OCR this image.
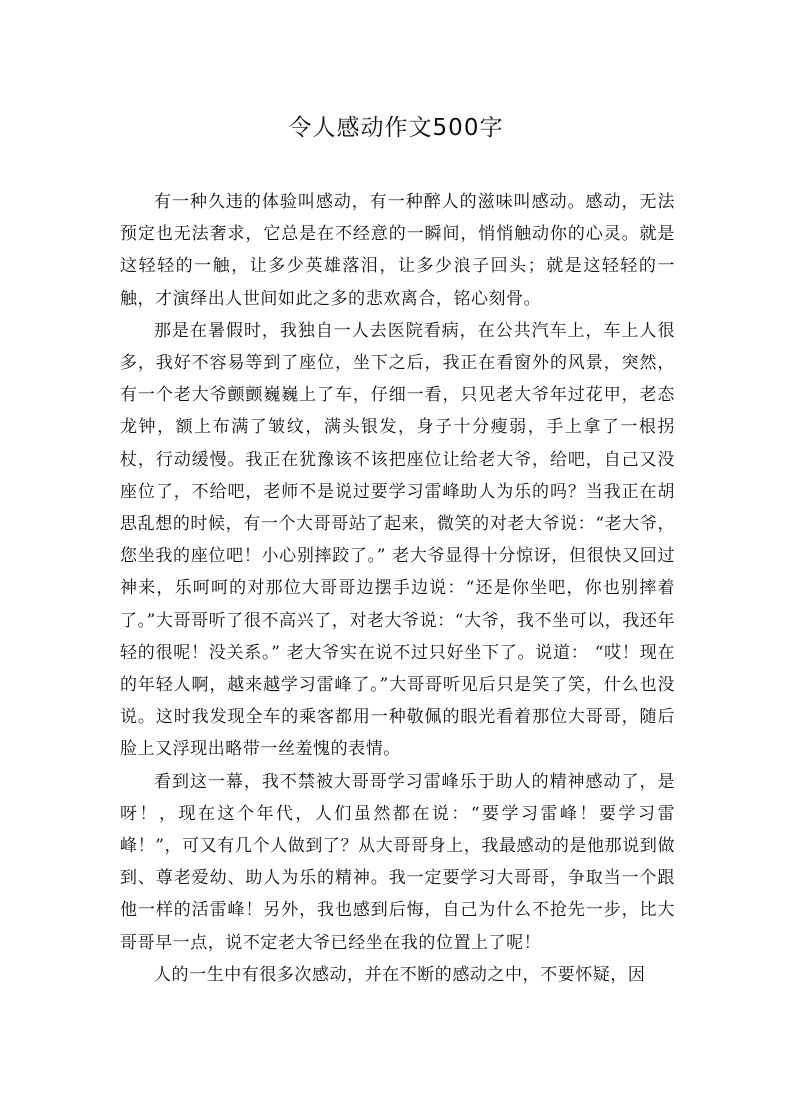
令人感动作文500字

有一种久违的体验叫感动，有一种醉人的滋味叫感动。感动，无法预定也无法奢求，它总是在不经意的一瞬间，悄悄触动你的心灵。就是这轻轻的一触，让多少英雄落泪，让多少浪子回头；就是这轻轻的一触，才演绎出人世间如此之多的悲欢离合，铭心刻骨。

那是在暑假时，我独自一人去医院看病，在公共汽车上，车上人很多，我好不容易等到了座位，坐下之后，我正在看窗外的风景，突然，有一个老大爷颤颤巍巍上了车，仔细一看，只见老大爷年过花甲，老态龙钟，额上布满了皱纹，满头银发，身子十分瘦弱，手上拿了一根拐杖，行动缓慢。我正在犹豫该不该把座位让给老大爷，给吧，自己又没座位了，不给吧，老师不是说过要学习雷峰助人为乐的吗？当我正在胡思乱想的时候，有一个大哥哥站了起来，微笑的对老大爷说：“老大爷，您坐我的座位吧！小心别摔跤了。” 老大爷显得十分惊讶，但很快又回过神来，乐呵呵的对那位大哥哥边摆手边说：“还是你坐吧，你也别摔着了。”大哥哥听了很不高兴了，对老大爷说：“大爷，我不坐可以，我还年轻的很呢！没关系。” 老大爷实在说不过只好坐下了。说道： “哎！现在的年轻人啊，越来越学习雷峰了。”大哥哥听见后只是笑了笑，什么也没说。这时我发现全车的乘客都用一种敬佩的眼光看着那位大哥哥，随后脸上又浮现出略带一丝羞愧的表情。

看到这一幕，我不禁被大哥哥学习雷峰乐于助人的精神感动了，是呀！，现在这个年代，人们虽然都在说：“要学习雷峰！要学习雷峰！”，可又有几个人做到了？从大哥哥身上，我最感动的是他那说到做到、尊老爱幼、助人为乐的精神。我一定要学习大哥哥，争取当一个跟他一样的活雷峰！另外，我也感到后悔，自己为什么不抢先一步，比大哥哥早一点，说不定老大爷已经坐在我的位置上了呢！

人的一生中有很多次感动，并在不断的感动之中，不要怀疑，因
